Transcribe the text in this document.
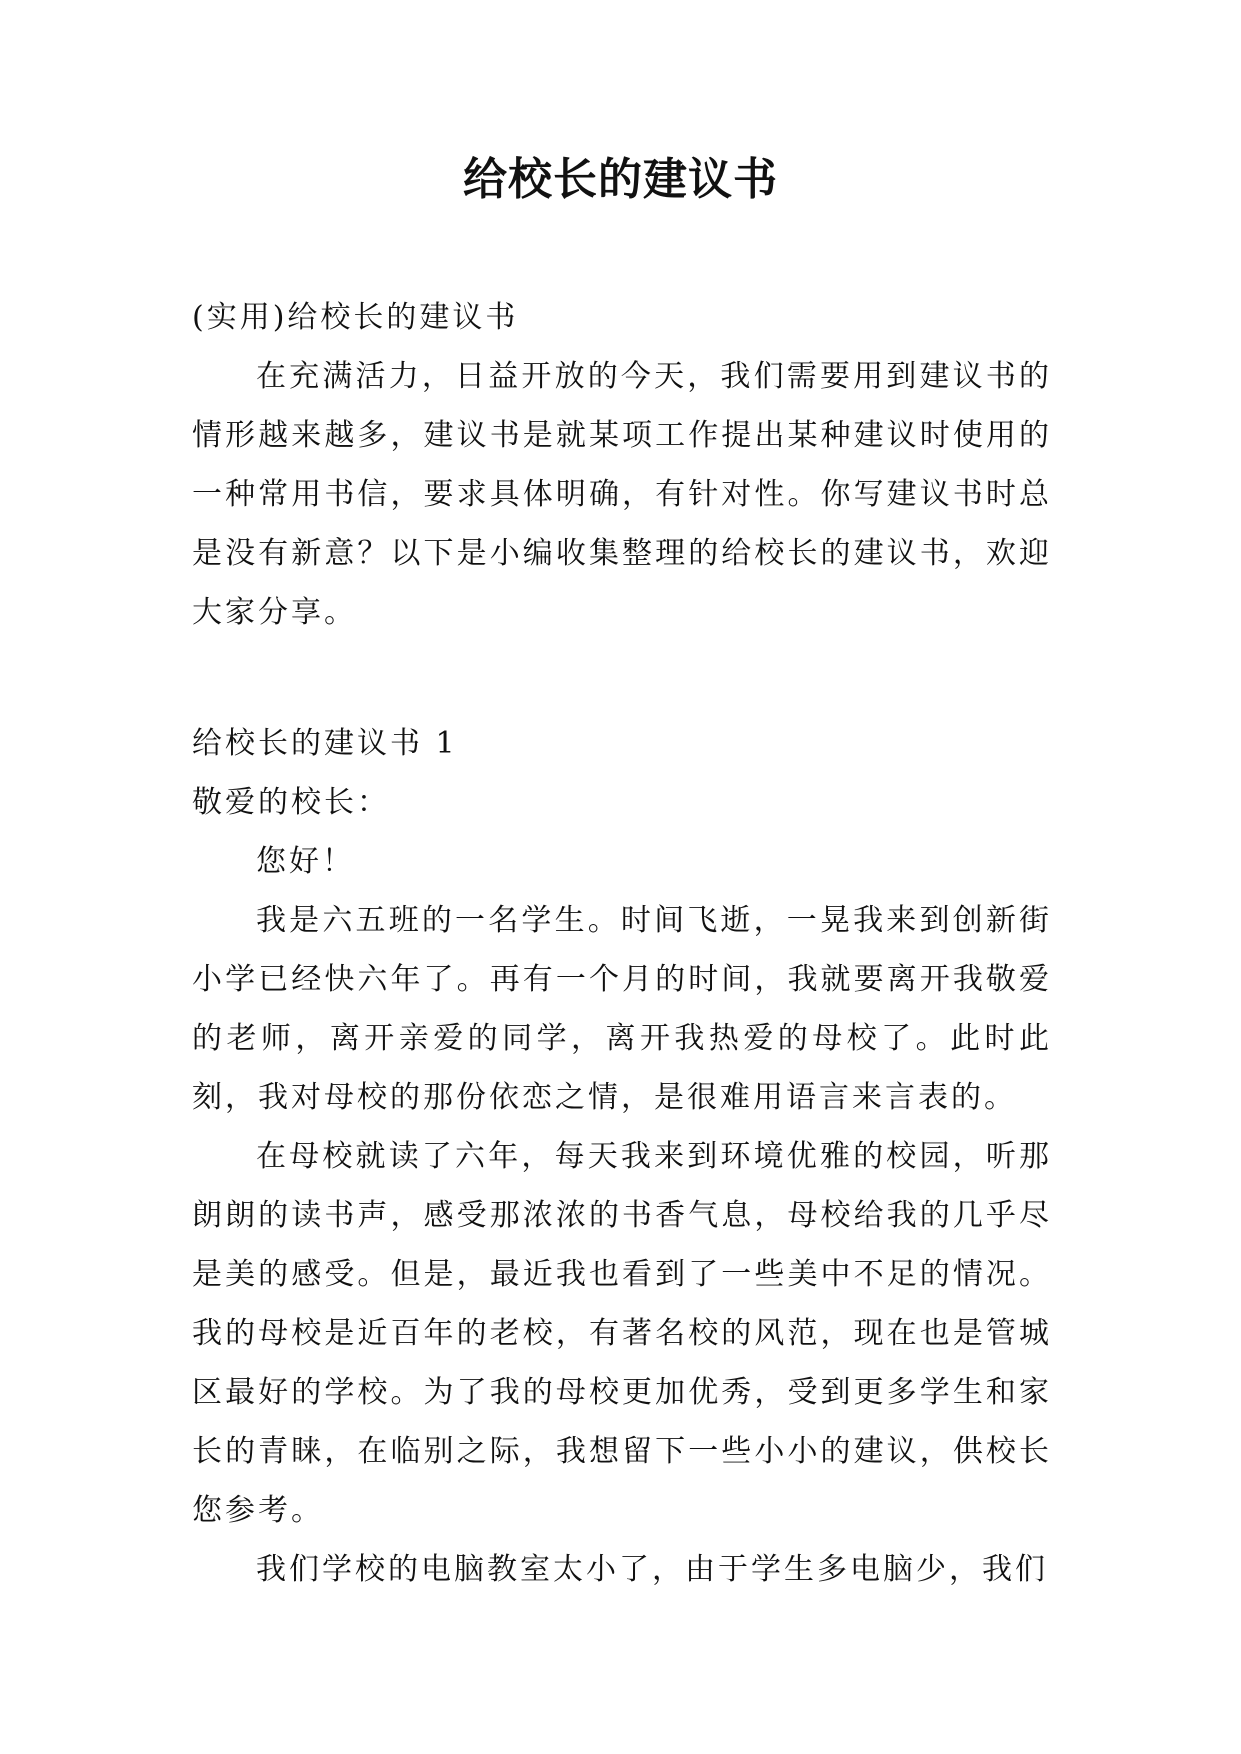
给校长的建议书

(实用)给校长的建议书

在充满活力，日益开放的今天，我们需要用到建议书的情形越来越多，建议书是就某项工作提出某种建议时使用的一种常用书信，要求具体明确，有针对性。你写建议书时总是没有新意？以下是小编收集整理的给校长的建议书，欢迎大家分享。

给校长的建议书 1

敬爱的校长：

您好！

我是六五班的一名学生。时间飞逝，一晃我来到创新街小学已经快六年了。再有一个月的时间，我就要离开我敬爱的老师，离开亲爱的同学，离开我热爱的母校了。此时此刻，我对母校的那份依恋之情，是很难用语言来言表的。

在母校就读了六年，每天我来到环境优雅的校园，听那朗朗的读书声，感受那浓浓的书香气息，母校给我的几乎尽是美的感受。但是，最近我也看到了一些美中不足的情况。我的母校是近百年的老校，有著名校的风范，现在也是管城区最好的学校。为了我的母校更加优秀，受到更多学生和家长的青睐，在临别之际，我想留下一些小小的建议，供校长您参考。

我们学校的电脑教室太小了，由于学生多电脑少，我们
